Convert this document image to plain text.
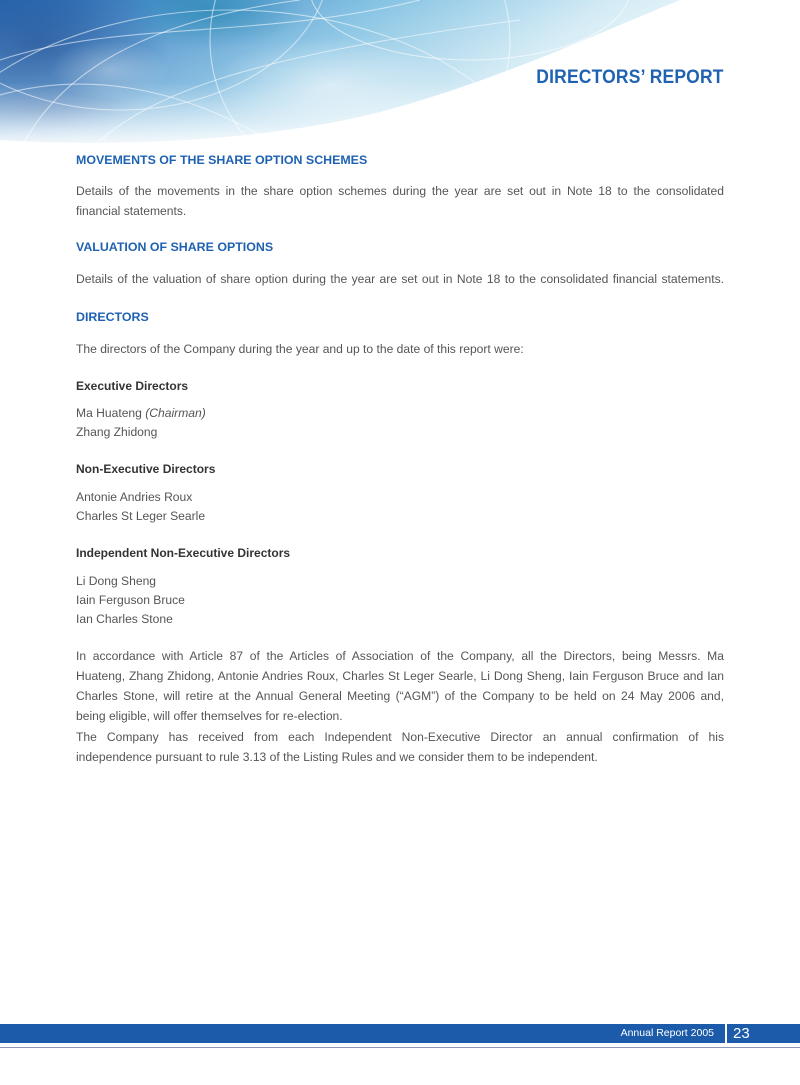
DIRECTORS’ REPORT
MOVEMENTS OF THE SHARE OPTION SCHEMES
Details of the movements in the share option schemes during the year are set out in Note 18 to the consolidated
financial statements.
VALUATION OF SHARE OPTIONS
Details of the valuation of share option during the year are set out in Note 18 to the consolidated financial statements.
DIRECTORS
The directors of the Company during the year and up to the date of this report were:
Executive Directors
Ma Huateng (Chairman)
Zhang Zhidong
Non-Executive Directors
Antonie Andries Roux
Charles St Leger Searle
Independent Non-Executive Directors
Li Dong Sheng
Iain Ferguson Bruce
Ian Charles Stone
In accordance with Article 87 of the Articles of Association of the Company, all the Directors, being Messrs. Ma
Huateng, Zhang Zhidong, Antonie Andries Roux, Charles St Leger Searle, Li Dong Sheng, Iain Ferguson Bruce and Ian
Charles Stone, will retire at the Annual General Meeting (“AGM”) of the Company to be held on 24 May 2006 and,
being eligible, will offer themselves for re-election.
The Company has received from each Independent Non-Executive Director an annual confirmation of his
independence pursuant to rule 3.13 of the Listing Rules and we consider them to be independent.
Annual Report 2005 23
